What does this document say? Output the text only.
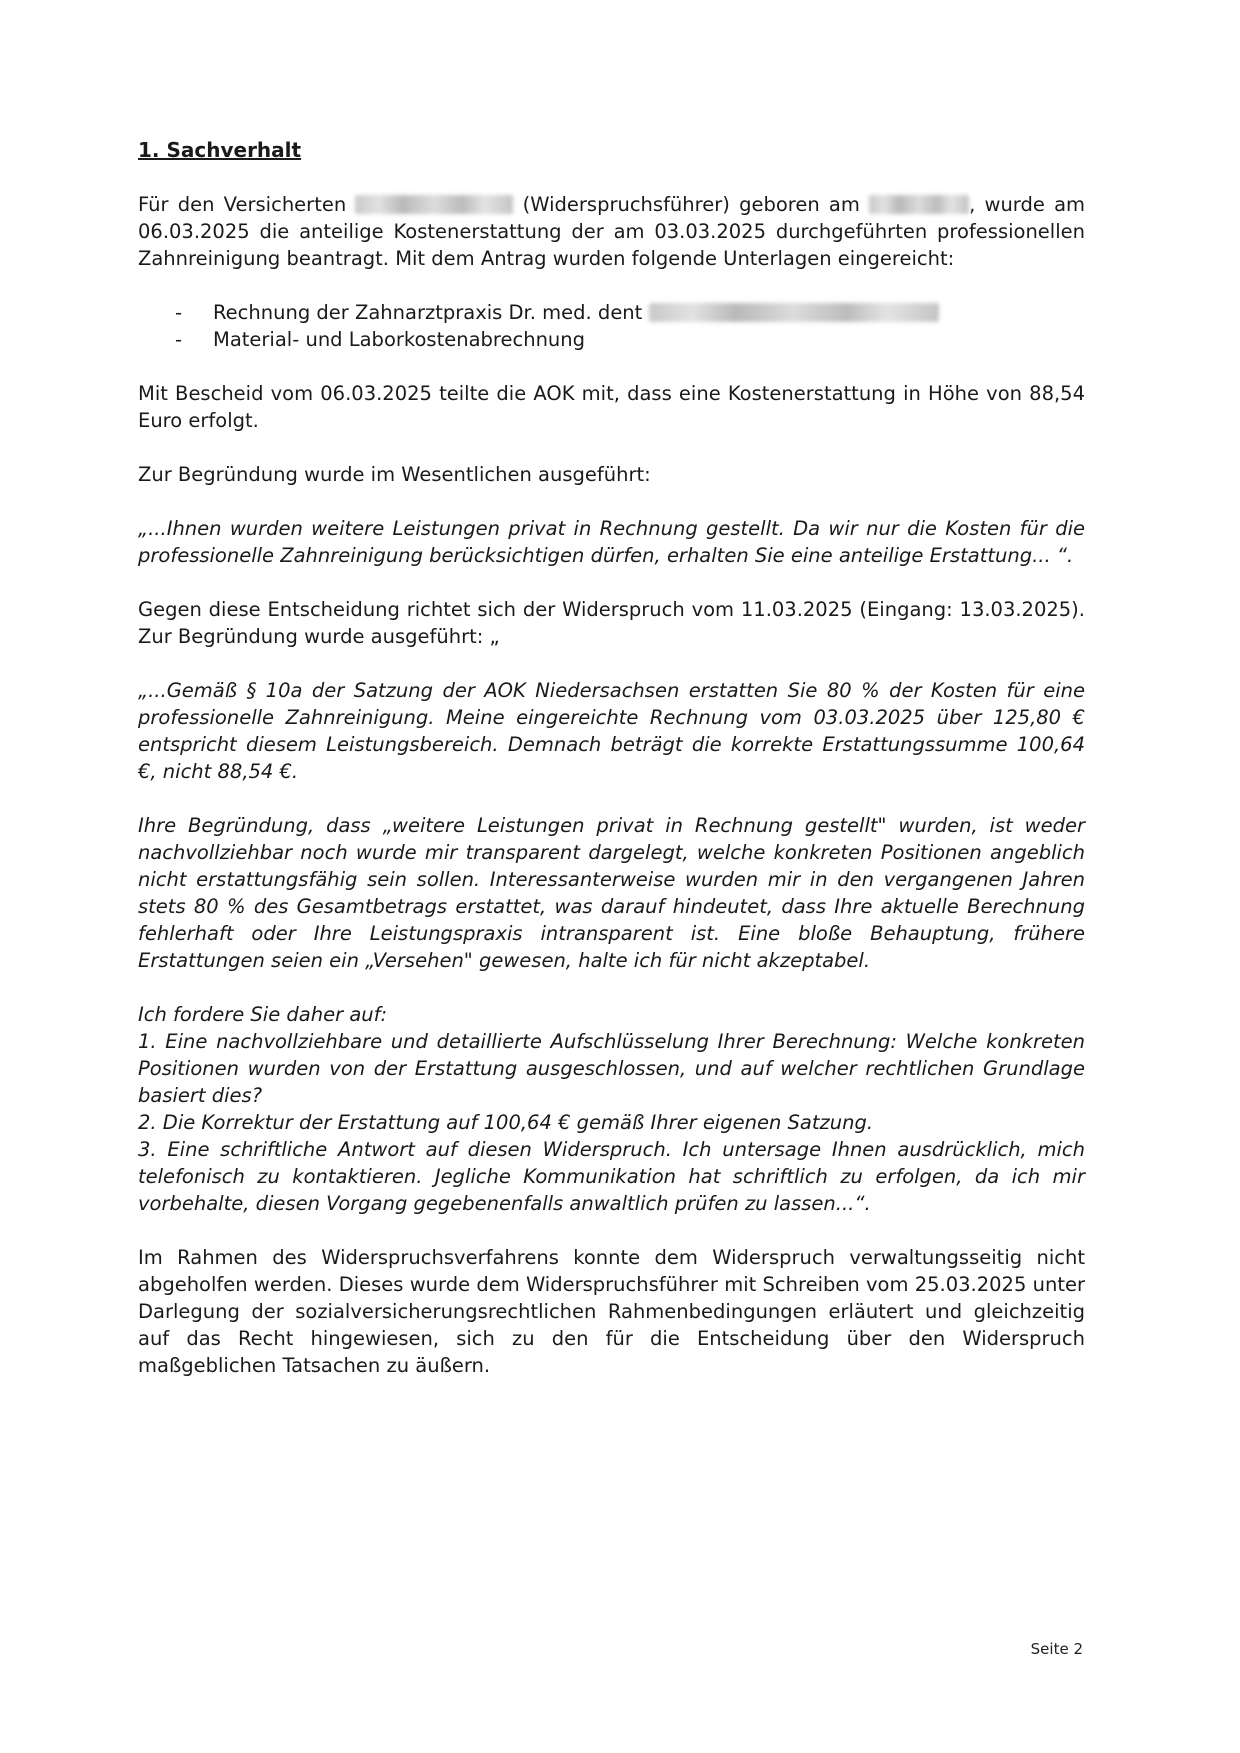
1. Sachverhalt
Für den Versicherten	(Widerspruchsführer) geboren am	, wurde am 06.03.2025 die anteilige Kostenerstattung der am 03.03.2025 durchgeführten professionellen Zahnreinigung beantragt. Mit dem Antrag wurden folgende Unterlagen eingereicht:
- Rechnung der Zahnarztpraxis Dr. med. dent
- Material- und Laborkostenabrechnung
Mit Bescheid vom 06.03.2025 teilte die AOK mit, dass eine Kostenerstattung in Höhe von 88,54 Euro erfolgt.
Zur Begründung wurde im Wesentlichen ausgeführt:
„...Ihnen wurden weitere Leistungen privat in Rechnung gestellt. Da wir nur die Kosten für die professionelle Zahnreinigung berücksichtigen dürfen, erhalten Sie eine anteilige Erstattung... “.
Gegen diese Entscheidung richtet sich der Widerspruch vom 11.03.2025 (Eingang: 13.03.2025). Zur Begründung wurde ausgeführt: „
„...Gemäß § 10a der Satzung der AOK Niedersachsen erstatten Sie 80 % der Kosten für eine professionelle Zahnreinigung. Meine eingereichte Rechnung vom 03.03.2025 über 125,80 € entspricht diesem Leistungsbereich. Demnach beträgt die korrekte Erstattungssumme 100,64 €, nicht 88,54 €.
Ihre Begründung, dass „weitere Leistungen privat in Rechnung gestellt" wurden, ist weder nachvollziehbar noch wurde mir transparent dargelegt, welche konkreten Positionen angeblich nicht erstattungsfähig sein sollen. Interessanterweise wurden mir in den vergangenen Jahren stets 80 % des Gesamtbetrags erstattet, was darauf hindeutet, dass Ihre aktuelle Berechnung fehlerhaft oder Ihre Leistungspraxis intransparent ist. Eine bloße Behauptung, frühere Erstattungen seien ein „Versehen" gewesen, halte ich für nicht akzeptabel.
Ich fordere Sie daher auf:
1. Eine nachvollziehbare und detaillierte Aufschlüsselung Ihrer Berechnung: Welche konkreten Positionen wurden von der Erstattung ausgeschlossen, und auf welcher rechtlichen Grundlage basiert dies?
2. Die Korrektur der Erstattung auf 100,64 € gemäß Ihrer eigenen Satzung.
3. Eine schriftliche Antwort auf diesen Widerspruch. Ich untersage Ihnen ausdrücklich, mich telefonisch zu kontaktieren. Jegliche Kommunikation hat schriftlich zu erfolgen, da ich mir vorbehalte, diesen Vorgang gegebenenfalls anwaltlich prüfen zu lassen...“.
Im Rahmen des Widerspruchsverfahrens konnte dem Widerspruch verwaltungsseitig nicht abgeholfen werden. Dieses wurde dem Widerspruchsführer mit Schreiben vom 25.03.2025 unter Darlegung der sozialversicherungsrechtlichen Rahmenbedingungen erläutert und gleichzeitig auf das Recht hingewiesen, sich zu den für die Entscheidung über den Widerspruch maßgeblichen Tatsachen zu äußern.
Seite 2
